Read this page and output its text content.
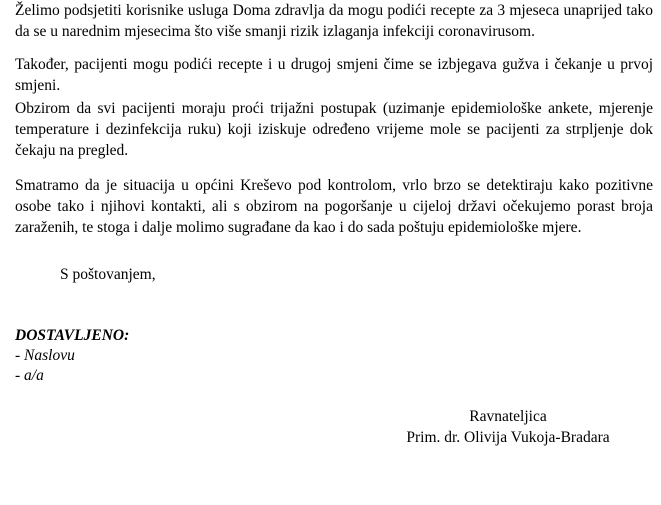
Želimo podsjetiti korisnike usluga Doma zdravlja da mogu podići recepte za 3 mjeseca unaprijed tako da se u narednim mjesecima što više smanji rizik izlaganja infekciji coronavirusom.

Također, pacijenti mogu podići recepte i u drugoj smjeni čime se izbjegava gužva i čekanje u prvoj smjeni.

Obzirom da svi pacijenti moraju proći trijažni postupak (uzimanje epidemiološke ankete, mjerenje temperature i dezinfekcija ruku) koji iziskuje određeno vrijeme mole se pacijenti za strpljenje dok čekaju na pregled.

Smatramo da je situacija u općini Kreševo pod kontrolom, vrlo brzo se detektiraju kako pozitivne osobe tako i njihovi kontakti, ali s obzirom na pogoršanje u cijeloj državi očekujemo porast broja zaraženih, te stoga i dalje molimo sugrađane da kao i do sada poštuju epidemiološke mjere.

S poštovanjem,

DOSTAVLJENO:
- Naslovu
- a/a
Ravnateljica
Prim. dr. Olivija Vukoja-Bradara
